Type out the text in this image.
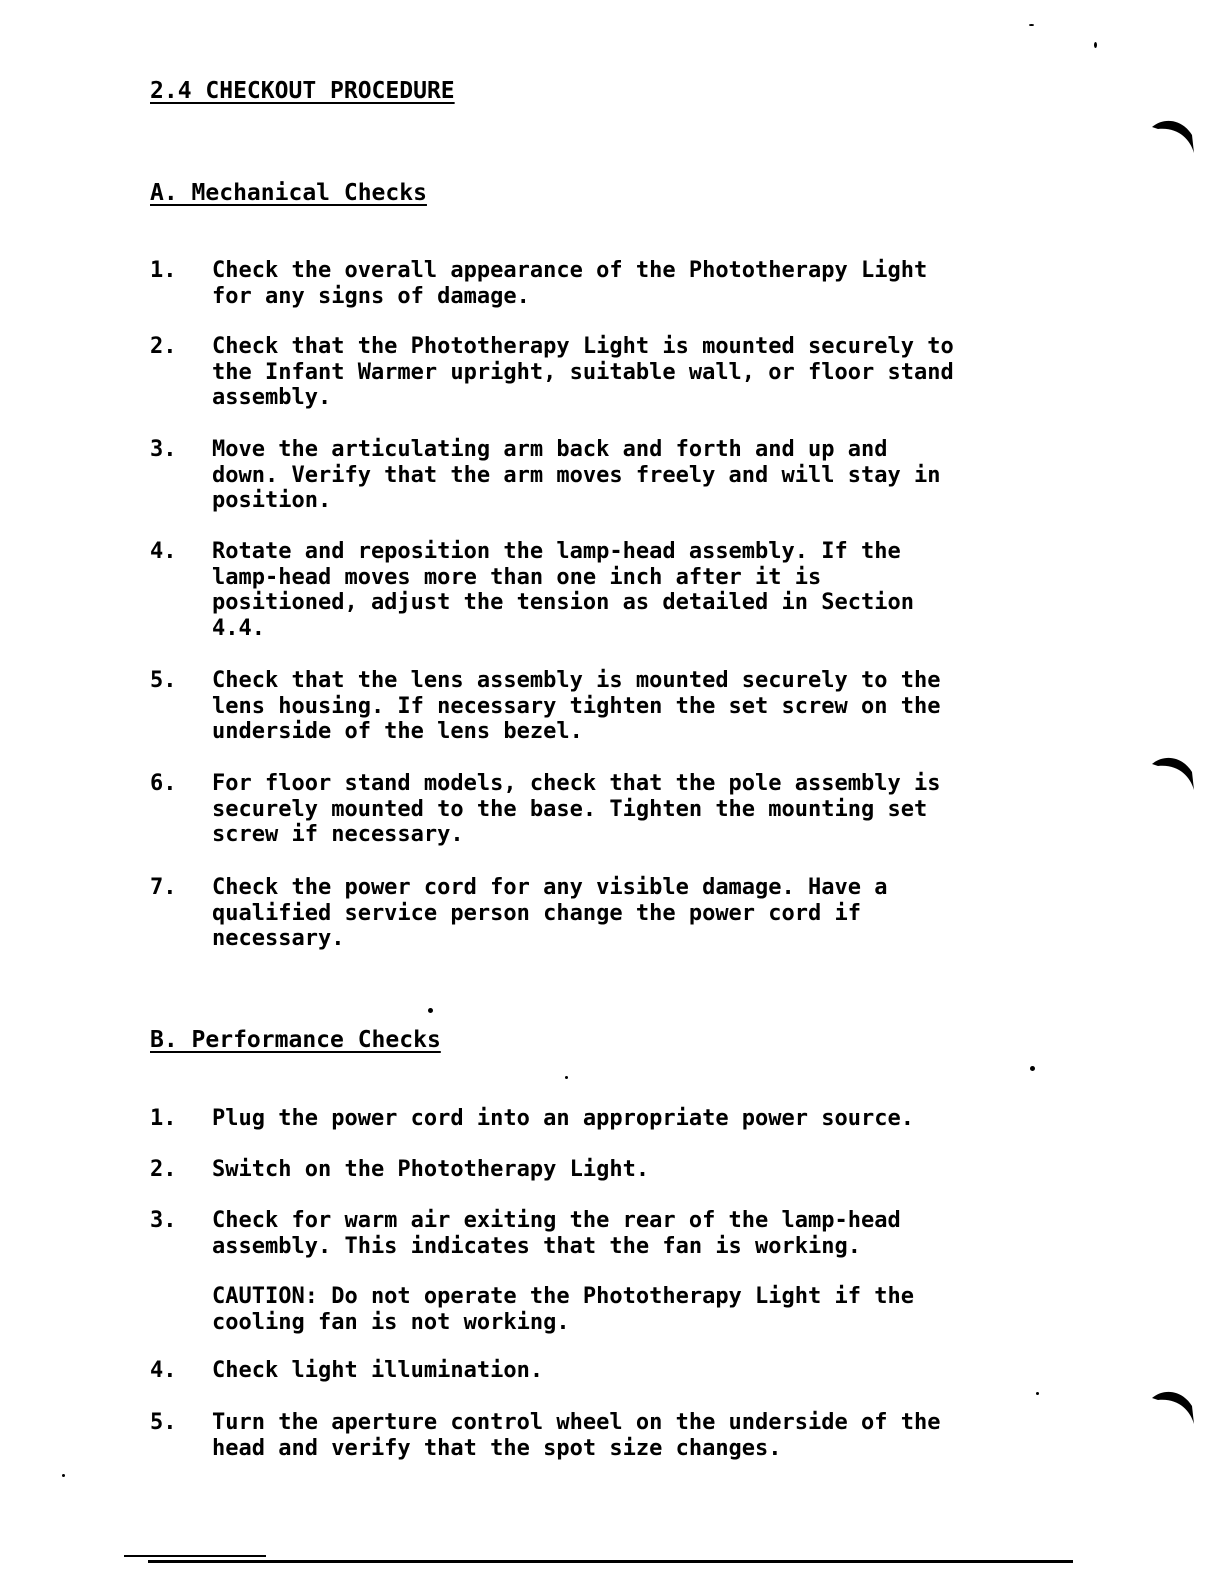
2.4 CHECKOUT PROCEDURE
A. Mechanical Checks
1. Check the overall appearance of the Phototherapy Light
for any signs of damage.
2. Check that the Phototherapy Light is mounted securely to
the Infant Warmer upright, suitable wall, or floor stand
assembly.
3. Move the articulating arm back and forth and up and
down. Verify that the arm moves freely and will stay in
position.
4. Rotate and reposition the lamp-head assembly. If the
lamp-head moves more than one inch after it is
positioned, adjust the tension as detailed in Section
4.4.
5. Check that the lens assembly is mounted securely to the
lens housing. If necessary tighten the set screw on the
underside of the lens bezel.
6. For floor stand models, check that the pole assembly is
securely mounted to the base. Tighten the mounting set
screw if necessary.
7. Check the power cord for any visible damage. Have a
qualified service person change the power cord if
necessary.
B. Performance Checks
1. Plug the power cord into an appropriate power source.
2. Switch on the Phototherapy Light.
3. Check for warm air exiting the rear of the lamp-head
assembly. This indicates that the fan is working.
CAUTION: Do not operate the Phototherapy Light if the
cooling fan is not working.
4. Check light illumination.
5. Turn the aperture control wheel on the underside of the
head and verify that the spot size changes.
